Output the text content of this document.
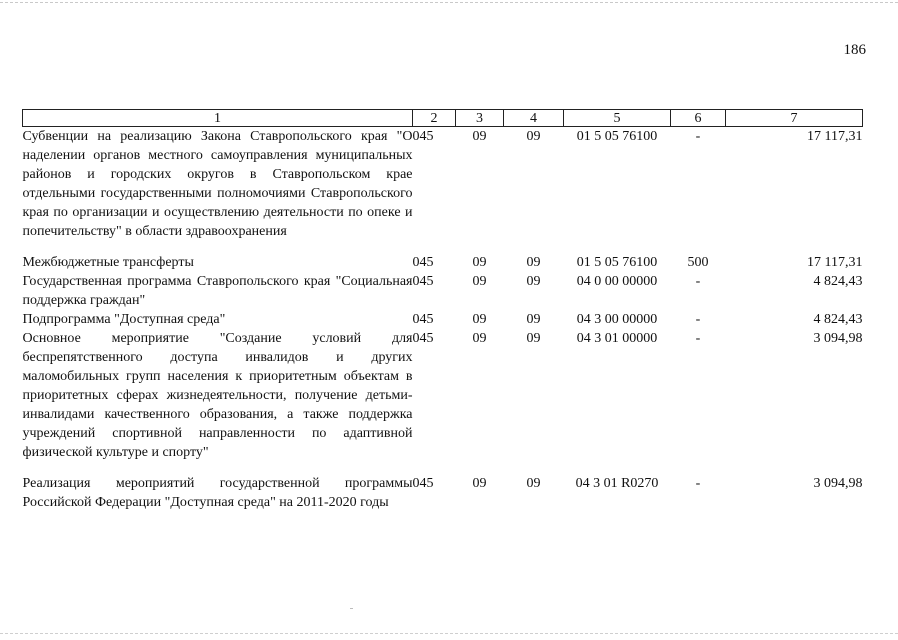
186
1	2	3	4	5	6	7
Субвенции на реализацию Закона Ставропольского края "О наделении органов местного самоуправления муниципальных районов и городских округов в Ставропольском крае отдельными государственными полномочиями Ставропольского края по организации и осуществлению деятельности по опеке и попечительству" в области здравоохранения	045	09	09	01 5 05 76100	-	17 117,31
Межбюджетные трансферты	045	09	09	01 5 05 76100	500	17 117,31
Государственная программа Ставропольского края "Социальная поддержка граждан"	045	09	09	04 0 00 00000	-	4 824,43
Подпрограмма "Доступная среда"	045	09	09	04 3 00 00000	-	4 824,43
Основное мероприятие "Создание условий для беспрепятственного доступа инвалидов и других маломобильных групп населения к приоритетным объектам в приоритетных сферах жизнедеятельности, получение детьми-инвалидами качественного образования, а также поддержка учреждений спортивной направленности по адаптивной физической культуре и спорту"	045	09	09	04 3 01 00000	-	3 094,98
Реализация мероприятий государственной программы Российской Федерации "Доступная среда" на 2011-2020 годы	045	09	09	04 3 01 R0270	-	3 094,98
